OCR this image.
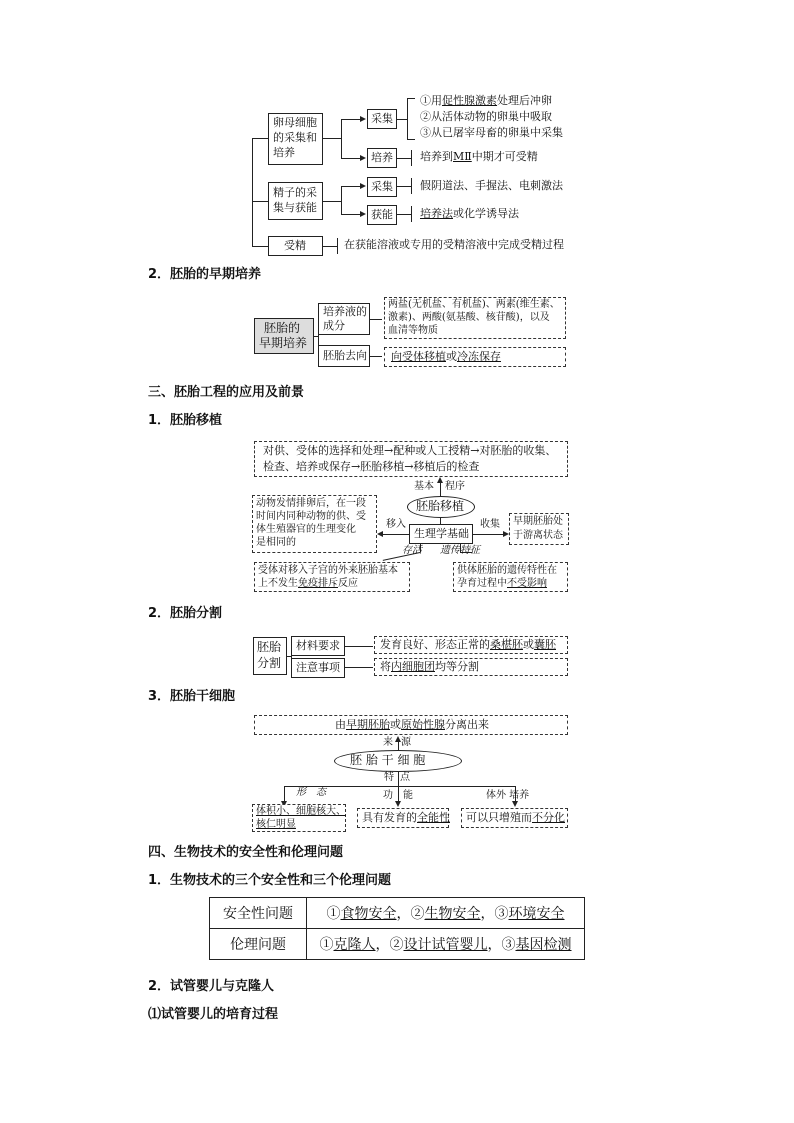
卵母细胞
的采集和
培养
采集
①用促性腺激素处理后冲卵
②从活体动物的卵巢中吸取
③从已屠宰母畜的卵巢中采集
培养 培养到MⅡ中期才可受精
精子的采
集与获能
采集 假阴道法、手握法、电刺激法
获能 培养法或化学诱导法
受精	在获能溶液或专用的受精溶液中完成受精过程
2．胚胎的早期培养
胚胎的
早期培养
培养液的
成分
两盐(无机盐、有机盐)、两素(维生素、
激素)、两酸(氨基酸、核苷酸)，以及
血清等物质
胚胎去向 向受体移植或冷冻保存
三、胚胎工程的应用及前景
1．胚胎移植
对供、受体的选择和处理→配种或人工授精→对胚胎的收集、
检查、培养或保存→胚胎移植→移植后的检查
基本 程序
胚胎移植
生理学基础
动物发情排卵后，在一段
时间内同种动物的供、受
体生殖器官的生理变化
是相同的
移入	收集 早期胚胎处
于游离状态
存活 遗传特征
受体对移入子宫的外来胚胎基本
上不发生免疫排斥反应
供体胚胎的遗传特性在
孕育过程中不受影响
2．胚胎分割
胚胎
分割
材料要求	发育良好、形态正常的桑椹胚或囊胚
注意事项	将内细胞团均等分割
3．胚胎干细胞
由早期胚胎或原始性腺分离出来
来 源
胚 胎 干 细 胞
特 点
形　态	功　能	体外 培养
体积小、细胞核大、
核仁明显
具有发育的全能性 可以只增殖而不分化
四、生物技术的安全性和伦理问题
1．生物技术的三个安全性和三个伦理问题
安全性问题	①食物安全，②生物安全，③环境安全
伦理问题	①克隆人，②设计试管婴儿，③基因检测
2．试管婴儿与克隆人
⑴试管婴儿的培育过程
